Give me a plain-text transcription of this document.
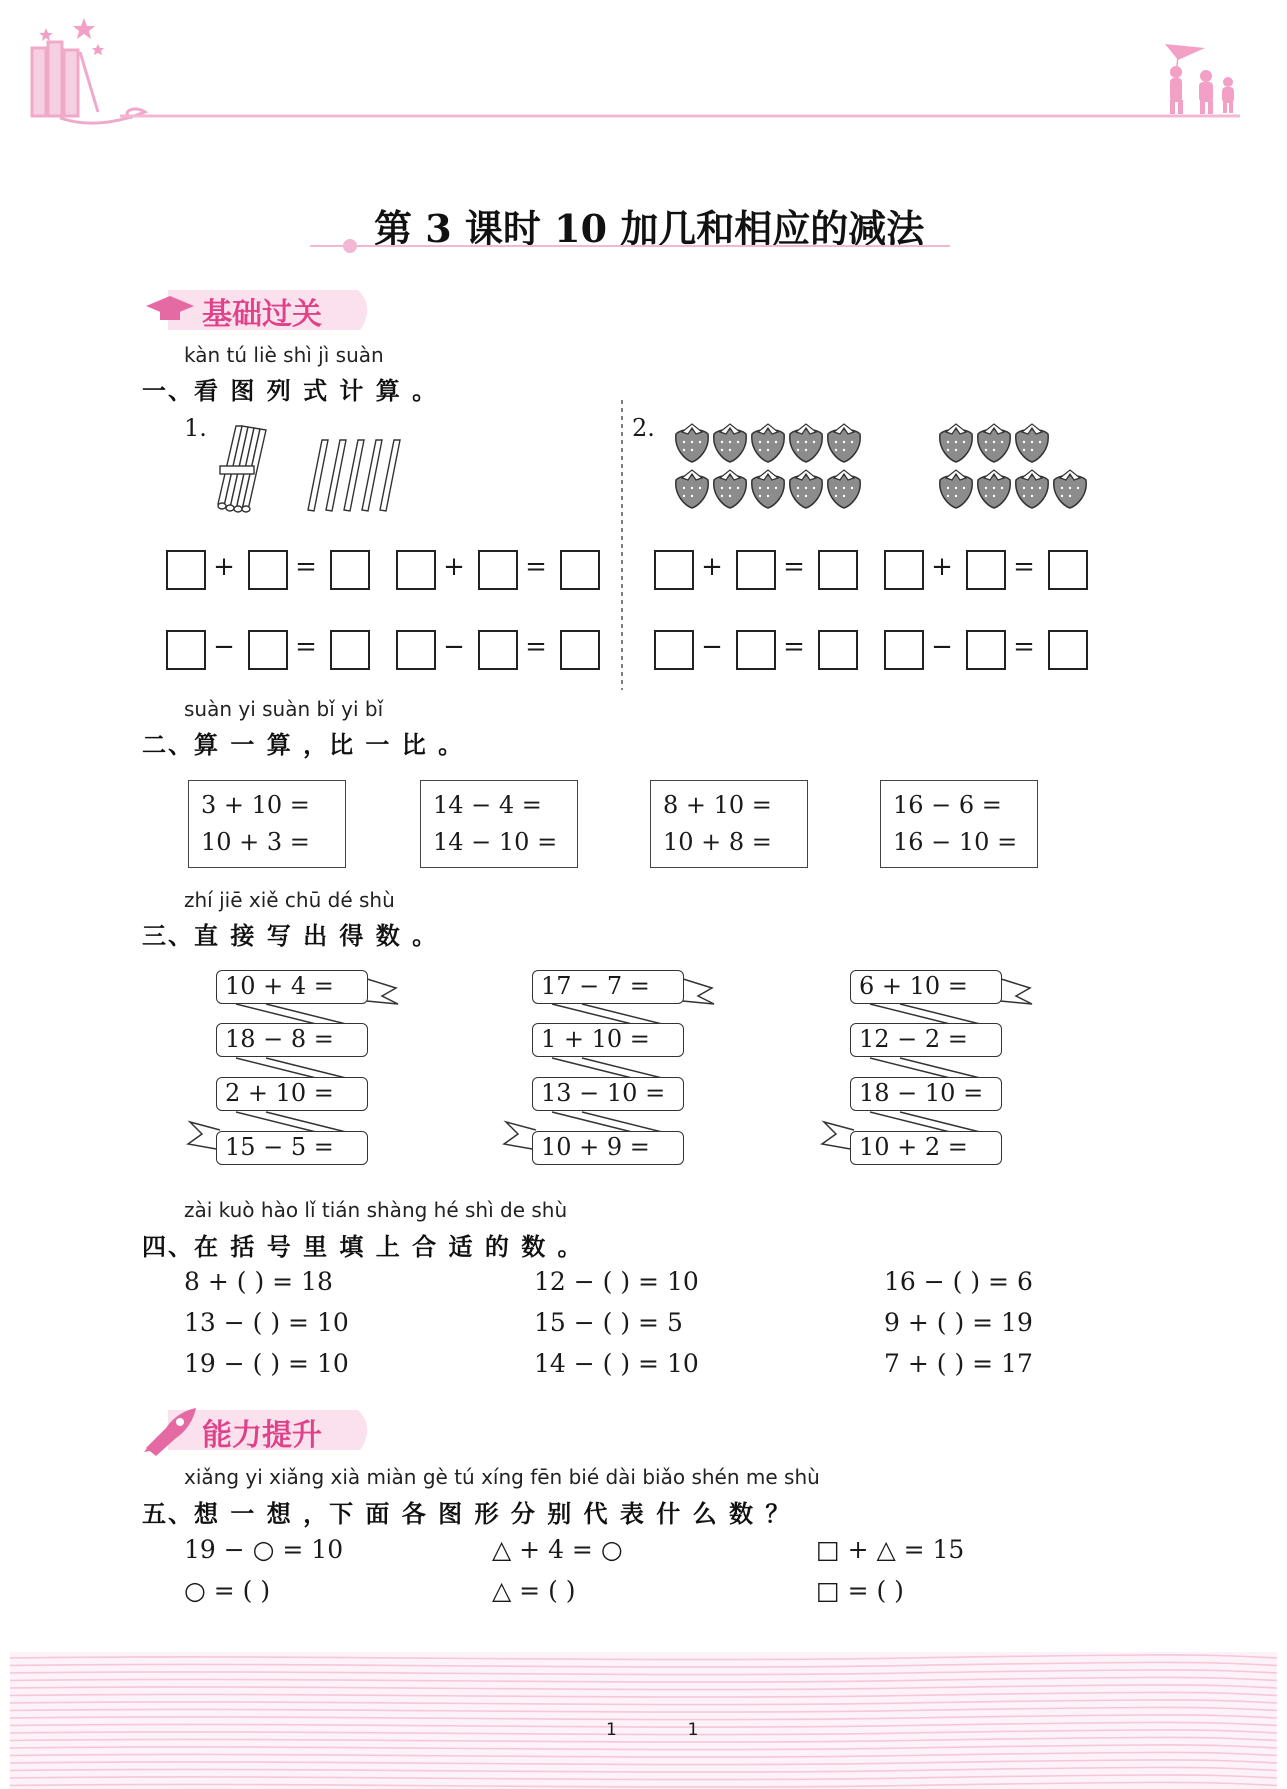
第 3 课时 10 加几和相应的减法
基础过关
kàn tú liè shì jì suàn
一、看 图 列 式 计 算 。
1.	2.
+ =	+ =	+ =	+ =
− =	− =	− =	− =
suàn yi suàn bǐ yi bǐ
二、算 一 算 ，比 一 比 。
3 + 10 =
10 + 3 =
14 − 4 =
14 − 10 =
8 + 10 =
10 + 8 =
16 − 6 =
16 − 10 =
zhí jiē xiě chū dé shù
三、直 接 写 出 得 数 。
10 + 4 =
18 − 8 =
2 + 10 =
15 − 5 =
17 − 7 =
1 + 10 =
13 − 10 =
10 + 9 =
6 + 10 =
12 − 2 =
18 − 10 =
10 + 2 =
zài kuò hào lǐ tián shàng hé shì de shù
四、在 括 号 里 填 上 合 适 的 数 。
8 + ( ) = 18	12 − ( ) = 10	16 − ( ) = 6
13 − ( ) = 10	15 − ( ) = 5	9 + ( ) = 19
19 − ( ) = 10	14 − ( ) = 10	7 + ( ) = 17
能力提升
xiǎng yi xiǎng xià miàn gè tú xíng fēn bié dài biǎo shén me shù
五、想 一 想 ，下 面 各 图 形 分 别 代 表 什 么 数 ？
19 − ○ = 10	△ + 4 = ○	□ + △ = 15
○ = ( )	△ = ( )	□ = ( )
1  1
